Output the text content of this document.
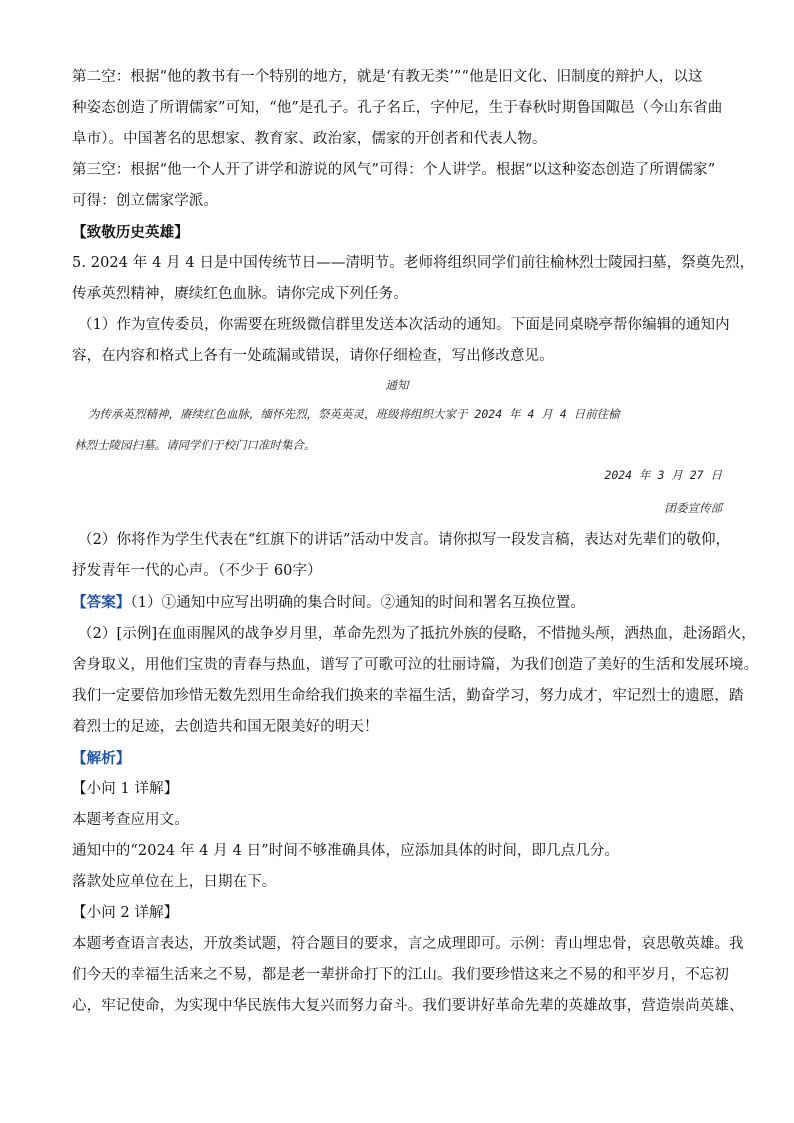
第二空：根据“他的教书有一个特别的地方，就是‘有教无类’”“他是旧文化、旧制度的辩护人，以这
种姿态创造了所谓儒家”可知，“他”是孔子。孔子名丘，字仲尼，生于春秋时期鲁国陬邑（今山东省曲
阜市）。中国著名的思想家、教育家、政治家，儒家的开创者和代表人物。
第三空：根据“他一个人开了讲学和游说的风气”可得：个人讲学。根据“以这种姿态创造了所谓儒家”
可得：创立儒家学派。
【致敬历史英雄】
5. 2024 年 4 月 4 日是中国传统节日——清明节。老师将组织同学们前往榆林烈士陵园扫墓，祭奠先烈，
传承英烈精神，赓续红色血脉。请你完成下列任务。
（1）作为宣传委员，你需要在班级微信群里发送本次活动的通知。下面是同桌晓亭帮你编辑的通知内
容，在内容和格式上各有一处疏漏或错误，请你仔细检查，写出修改意见。
通知
为传承英烈精神，赓续红色血脉，缅怀先烈，祭英英灵，班级将组织大家于 2024 年 4 月 4 日前往榆
林烈士陵园扫墓。请同学们于校门口准时集合。
2024 年 3 月 27 日
团委宣传部
（2）你将作为学生代表在“红旗下的讲话”活动中发言。请你拟写一段发言稿，表达对先辈们的敬仰，
抒发青年一代的心声。（不少于 60字）
【答案】（1）①通知中应写出明确的集合时间。②通知的时间和署名互换位置。
（2）[示例]在血雨腥风的战争岁月里，革命先烈为了抵抗外族的侵略，不惜抛头颅，洒热血，赴汤蹈火，
舍身取义，用他们宝贵的青春与热血，谱写了可歌可泣的壮丽诗篇，为我们创造了美好的生活和发展环境。
我们一定要倍加珍惜无数先烈用生命给我们换来的幸福生活，勤奋学习，努力成才，牢记烈士的遗愿，踏
着烈士的足迹，去创造共和国无限美好的明天！
【解析】
【小问 1 详解】
本题考查应用文。
通知中的“2024 年 4 月 4 日”时间不够准确具体，应添加具体的时间，即几点几分。
落款处应单位在上，日期在下。
【小问 2 详解】
本题考查语言表达，开放类试题，符合题目的要求，言之成理即可。示例：青山埋忠骨，哀思敬英雄。我
们今天的幸福生活来之不易，都是老一辈拼命打下的江山。我们要珍惜这来之不易的和平岁月，不忘初
心，牢记使命，为实现中华民族伟大复兴而努力奋斗。我们要讲好革命先辈的英雄故事，营造崇尚英雄、
